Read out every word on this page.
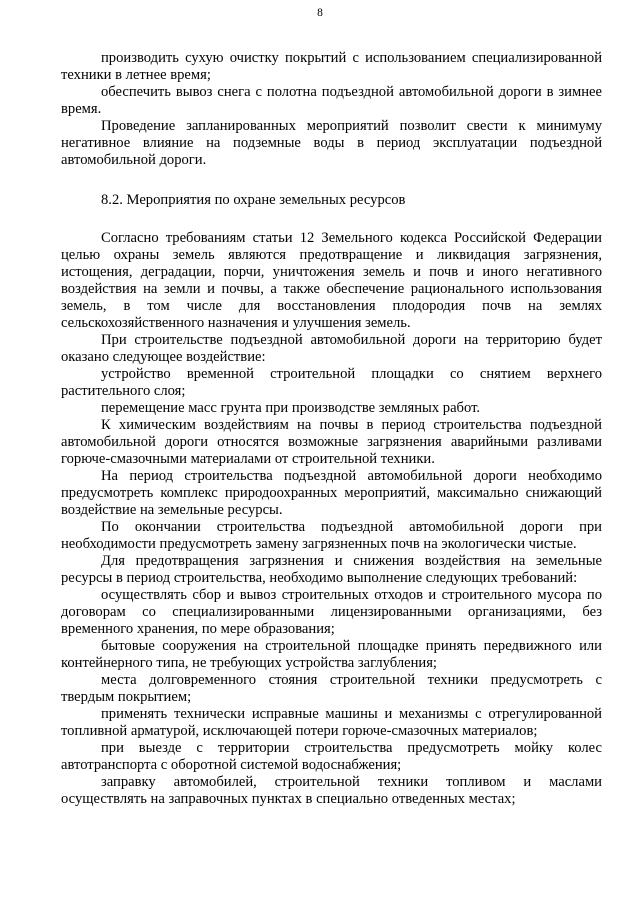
8

производить сухую очистку покрытий с использованием специализированной техники в летнее время;

обеспечить вывоз снега с полотна подъездной автомобильной дороги в зимнее время.

Проведение запланированных мероприятий позволит свести к минимуму негативное влияние на подземные воды в период эксплуатации подъездной автомобильной дороги.

8.2. Мероприятия по охране земельных ресурсов

Согласно требованиям статьи 12 Земельного кодекса Российской Федерации целью охраны земель являются предотвращение и ликвидация загрязнения, истощения, деградации, порчи, уничтожения земель и почв и иного негативного воздействия на земли и почвы, а также обеспечение рационального использования земель, в том числе для восстановления плодородия почв на землях сельскохозяйственного назначения и улучшения земель.

При строительстве подъездной автомобильной дороги на территорию будет оказано следующее воздействие:

устройство временной строительной площадки со снятием верхнего растительного слоя;

перемещение масс грунта при производстве земляных работ.

К химическим воздействиям на почвы в период строительства подъездной автомобильной дороги относятся возможные загрязнения аварийными разливами горюче-смазочными материалами от строительной техники.

На период строительства подъездной автомобильной дороги необходимо предусмотреть комплекс природоохранных мероприятий, максимально снижающий воздействие на земельные ресурсы.

По окончании строительства подъездной автомобильной дороги при необходимости предусмотреть замену загрязненных почв на экологически чистые.

Для предотвращения загрязнения и снижения воздействия на земельные ресурсы в период строительства, необходимо выполнение следующих требований:

осуществлять сбор и вывоз строительных отходов и строительного мусора по договорам со специализированными лицензированными организациями, без временного хранения, по мере образования;

бытовые сооружения на строительной площадке принять передвижного или контейнерного типа, не требующих устройства заглубления;

места долговременного стояния строительной техники предусмотреть с твердым покрытием;

применять технически исправные машины и механизмы с отрегулированной топливной арматурой, исключающей потери горюче-смазочных материалов;

при выезде с территории строительства предусмотреть мойку колес автотранспорта с оборотной системой водоснабжения;

заправку автомобилей, строительной техники топливом и маслами осуществлять на заправочных пунктах в специально отведенных местах;
